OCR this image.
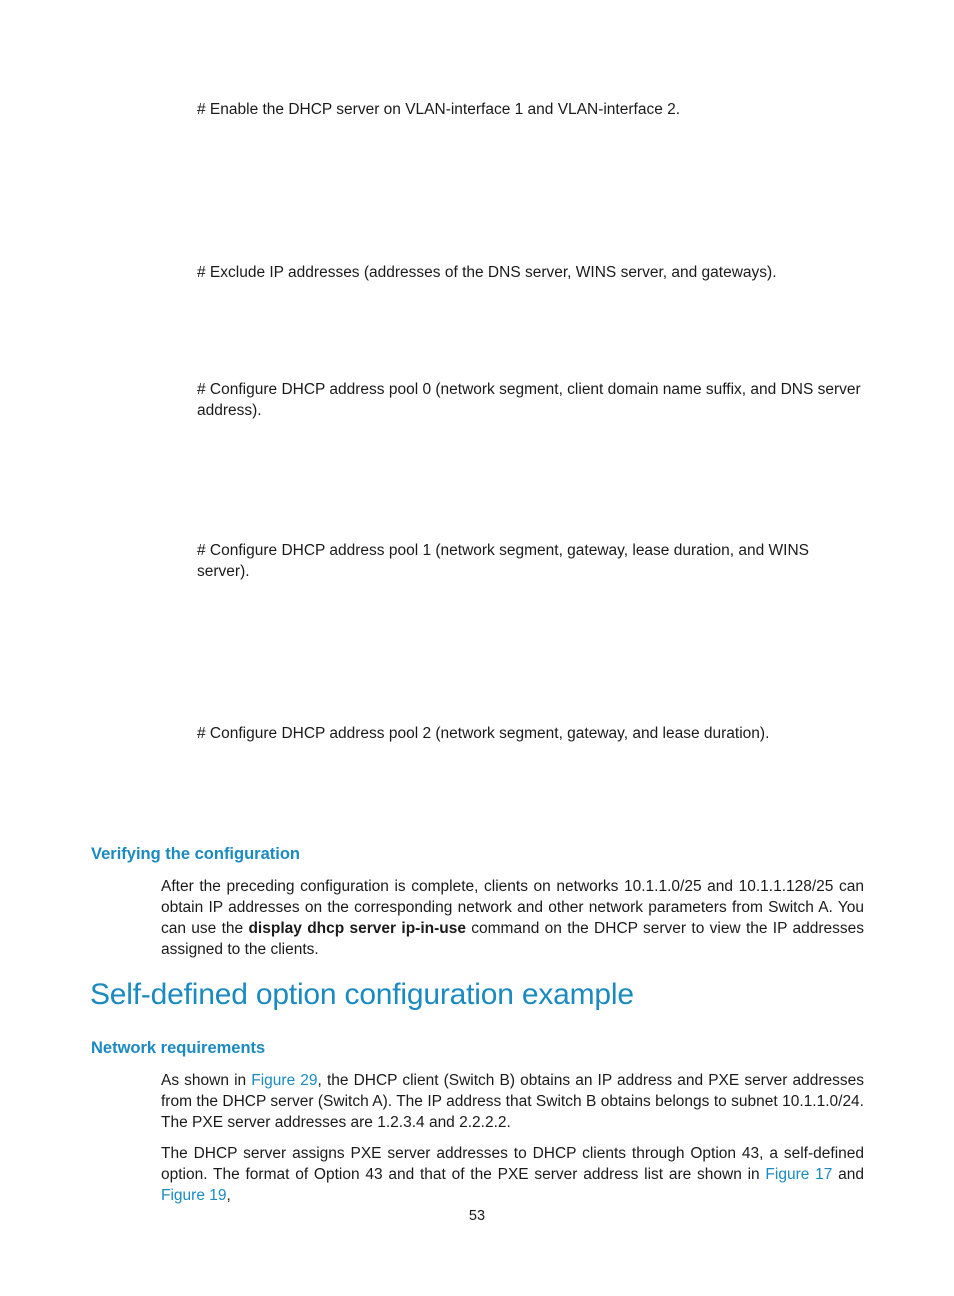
# Enable the DHCP server on VLAN-interface 1 and VLAN-interface 2.

# Exclude IP addresses (addresses of the DNS server, WINS server, and gateways).

# Configure DHCP address pool 0 (network segment, client domain name suffix, and DNS server address).

# Configure DHCP address pool 1 (network segment, gateway, lease duration, and WINS server).

# Configure DHCP address pool 2 (network segment, gateway, and lease duration).

Verifying the configuration

After the preceding configuration is complete, clients on networks 10.1.1.0/25 and 10.1.1.128/25 can obtain IP addresses on the corresponding network and other network parameters from Switch A. You can use the display dhcp server ip-in-use command on the DHCP server to view the IP addresses assigned to the clients.

Self-defined option configuration example
Network requirements

As shown in Figure 29, the DHCP client (Switch B) obtains an IP address and PXE server addresses from the DHCP server (Switch A). The IP address that Switch B obtains belongs to subnet 10.1.1.0/24. The PXE server addresses are 1.2.3.4 and 2.2.2.2.

The DHCP server assigns PXE server addresses to DHCP clients through Option 43, a self-defined option. The format of Option 43 and that of the PXE server address list are shown in Figure 17 and Figure 19,

53
